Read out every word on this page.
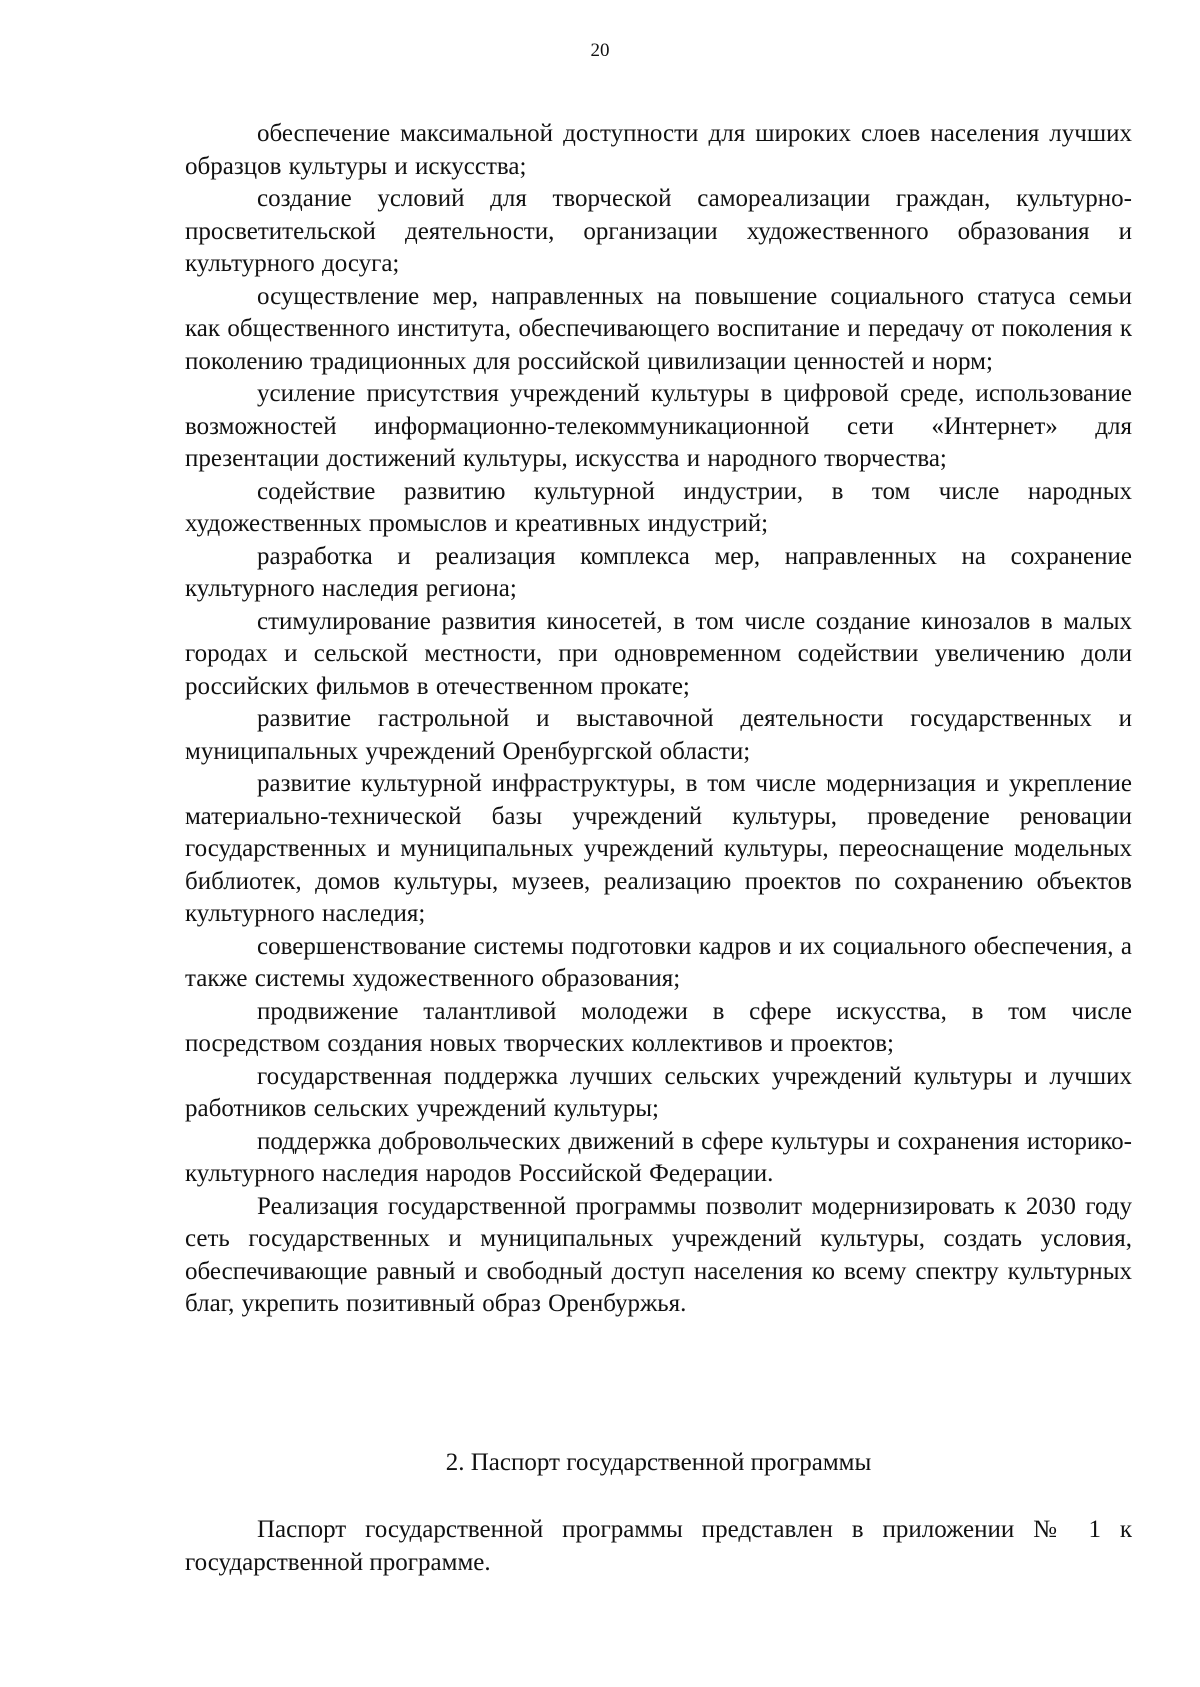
20

обеспечение максимальной доступности для широких слоев населения лучших образцов культуры и искусства;

создание условий для творческой самореализации граждан, культурно-просветительской деятельности, организации художественного образования и культурного досуга;

осуществление мер, направленных на повышение социального статуса семьи как общественного института, обеспечивающего воспитание и передачу от поколения к поколению традиционных для российской цивилизации ценностей и норм;

усиление присутствия учреждений культуры в цифровой среде, использование возможностей информационно-телекоммуникационной сети «Интернет» для презентации достижений культуры, искусства и народного творчества;

содействие развитию культурной индустрии, в том числе народных художественных промыслов и креативных индустрий;

разработка и реализация комплекса мер, направленных на сохранение культурного наследия региона;

стимулирование развития киносетей, в том числе создание кинозалов в малых городах и сельской местности, при одновременном содействии увеличению доли российских фильмов в отечественном прокате;

развитие гастрольной и выставочной деятельности государственных и муниципальных учреждений Оренбургской области;

развитие культурной инфраструктуры, в том числе модернизация и укрепление материально-технической базы учреждений культуры, проведение реновации государственных и муниципальных учреждений культуры, переоснащение модельных библиотек, домов культуры, музеев, реализацию проектов по сохранению объектов культурного наследия;

совершенствование системы подготовки кадров и их социального обеспечения, а также системы художественного образования;

продвижение талантливой молодежи в сфере искусства, в том числе посредством создания новых творческих коллективов и проектов;

государственная поддержка лучших сельских учреждений культуры и лучших работников сельских учреждений культуры;

поддержка добровольческих движений в сфере культуры и сохранения историко-культурного наследия народов Российской Федерации.

Реализация государственной программы позволит модернизировать к 2030 году сеть государственных и муниципальных учреждений культуры, создать условия, обеспечивающие равный и свободный доступ населения ко всему спектру культурных благ, укрепить позитивный образ Оренбуржья.

2. Паспорт государственной программы

Паспорт государственной программы представлен в приложении № 1 к государственной программе.
